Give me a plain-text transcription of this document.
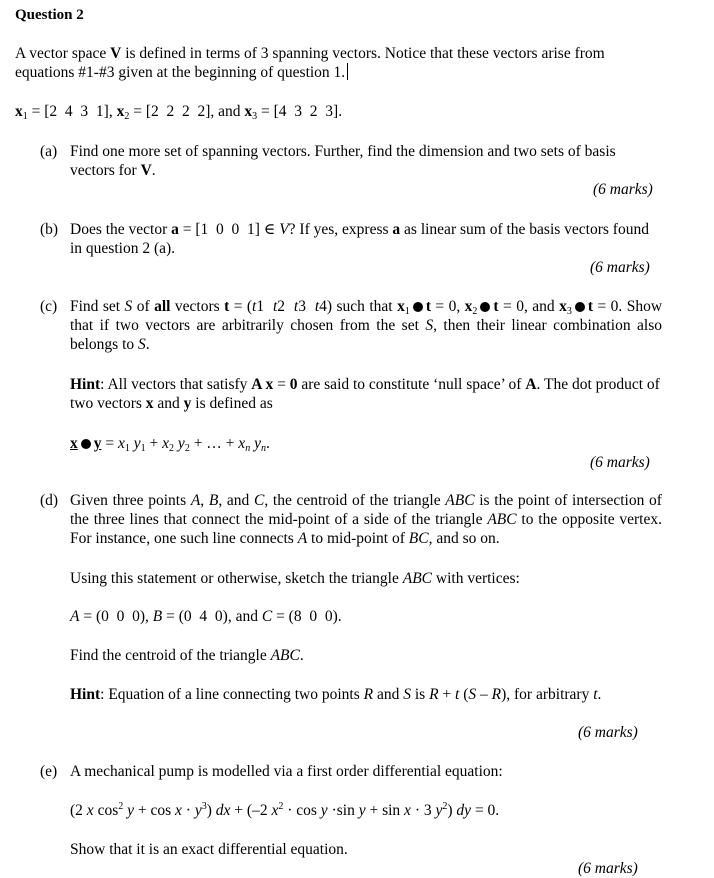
Question 2
A vector space V is defined in terms of 3 spanning vectors. Notice that these vectors arise from equations #1-#3 given at the beginning of question 1.
$x_1 = [2$  4  3  1], $x_2 = [2$  2  2  2], and $x_3 = [4$  3  2  3].
(a) Find one more set of spanning vectors. Further, find the dimension and two sets of basis vectors for V.
(6 marks)
(b) Does the vector a = [1  0  0  1] ∈ V? If yes, express a as linear sum of the basis vectors found in question 2 (a).
(6 marks)
(c) Find set S of all vectors t = (t1  t2  t3  t4) such that $x_1$ t = 0, $x_2$ t = 0, and $x_3$ t = 0. Show that if two vectors are arbitrarily chosen from the set S, then their linear combination also belongs to S.
Hint: All vectors that satisfy A x = 0 are said to constitute ‘null space’ of A. The dot product of two vectors x and y is defined as
x $y = x_1$ $y_1 + x_2$ $y_2$ + … + $x_n$ $y_n$.
(6 marks)
(d) Given three points A, B, and C, the centroid of the triangle ABC is the point of intersection of the three lines that connect the mid-point of a side of the triangle ABC to the opposite vertex. For instance, one such line connects A to mid-point of BC, and so on.
Using this statement or otherwise, sketch the triangle ABC with vertices:
A = (0  0  0), B = (0  4  0), and C = (8  0  0).
Find the centroid of the triangle ABC.
Hint: Equation of a line connecting two points R and S is R + t (S – R), for arbitrary t.
(6 marks)
(e) A mechanical pump is modelled via a first order differential equation:
(2 x $\cos^2 y + \cos x \cdot y^3$) dx + (–2 $x^2 \cdot \cos y \cdot\sin$ y + sin x · 3 $y^2$) dy = 0.
Show that it is an exact differential equation.
(6 marks)
